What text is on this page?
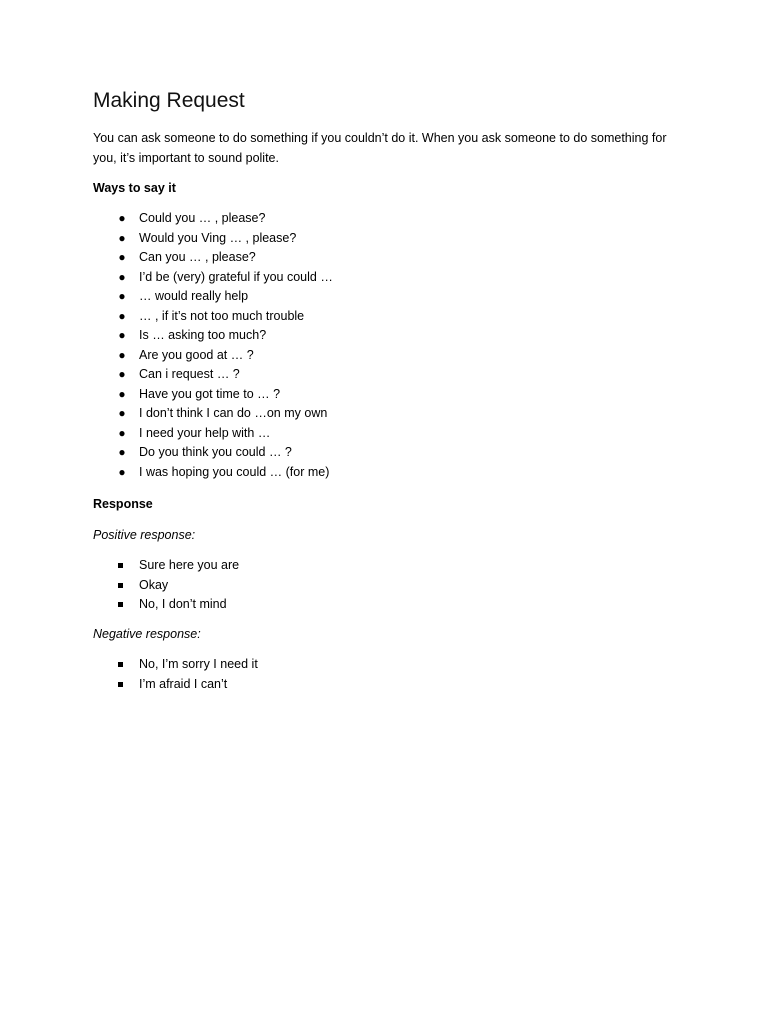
Making Request

You can ask someone to do something if you couldn’t do it. When you ask someone to do something for you, it’s important to sound polite.

Ways to say it

● Could you … , please?
● Would you Ving … , please?
● Can you … , please?
● I’d be (very) grateful if you could …
● … would really help
● … , if it’s not too much trouble
● Is … asking too much?
● Are you good at … ?
● Can i request … ?
● Have you got time to … ?
● I don’t think I can do …on my own
● I need your help with …
● Do you think you could … ?
● I was hoping you could … (for me)

Response

Positive response:

Sure here you are
Okay
No, I don’t mind

Negative response:

No, I’m sorry I need it
I’m afraid I can’t
